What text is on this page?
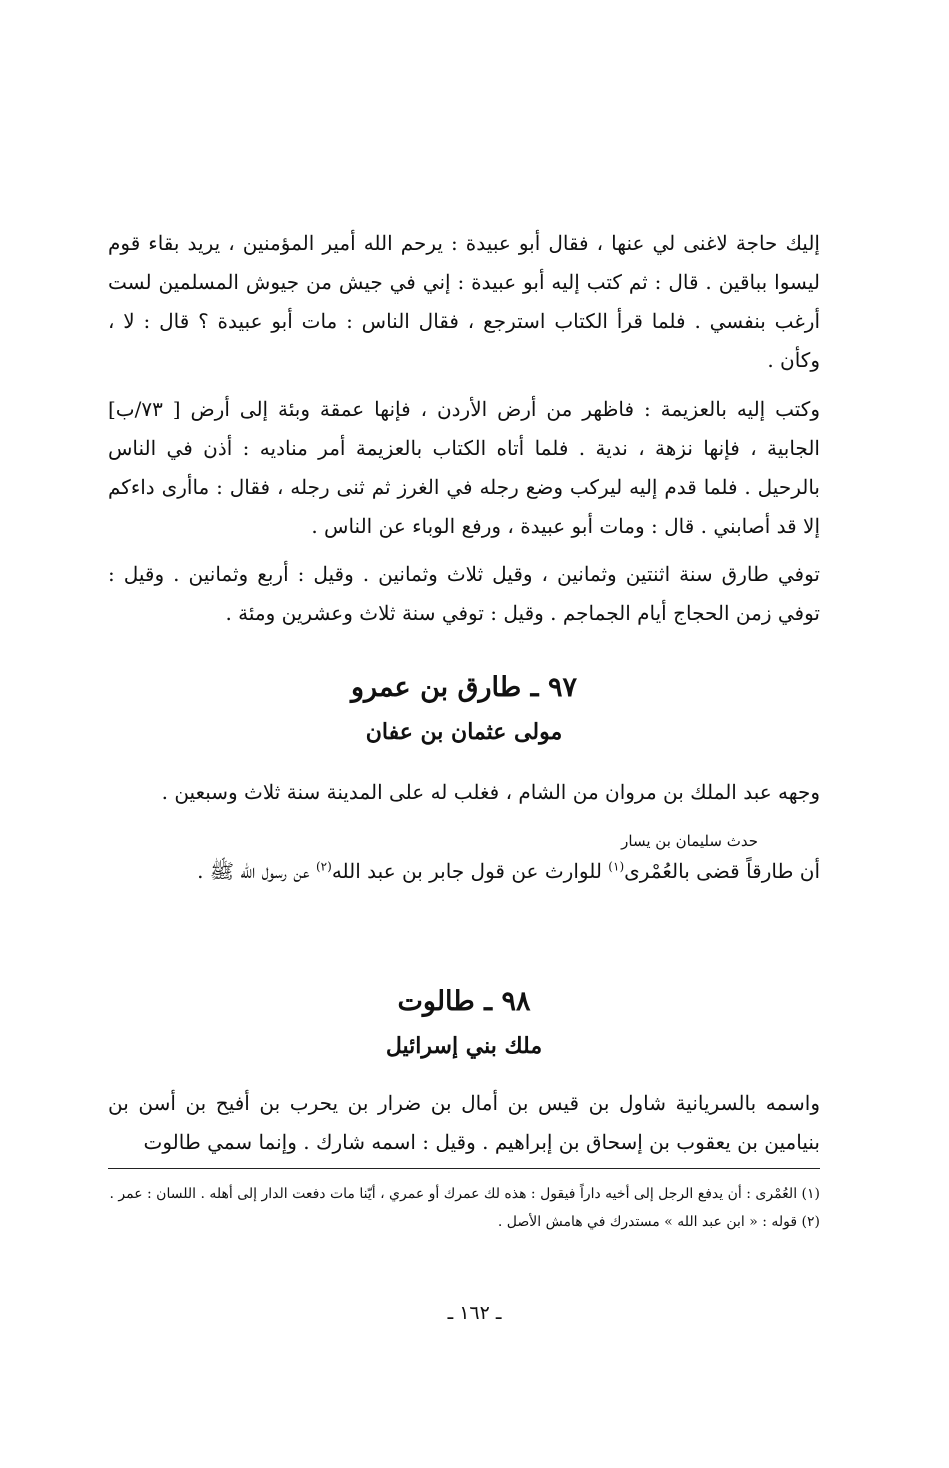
إليك حاجة لاغنى لي عنها ، فقال أبو عبيدة : يرحم الله أمير المؤمنين ، يريد بقاء قوم ليسوا بباقين . قال : ثم كتب إليه أبو عبيدة : إني في جيش من جيوش المسلمين لست أرغب بنفسي . فلما قرأ الكتاب استرجع ، فقال الناس : مات أبو عبيدة ؟ قال : لا ، وكأن .

وكتب إليه بالعزيمة : فاظهر من أرض الأردن ، فإنها عمقة وبئة إلى أرض [ ٧٣/ب] الجابية ، فإنها نزهة ، ندية . فلما أتاه الكتاب بالعزيمة أمر مناديه : أذن في الناس بالرحيل . فلما قدم إليه ليركب وضع رجله في الغرز ثم ثنى رجله ، فقال : ماأرى داءكم إلا قد أصابني . قال : ومات أبو عبيدة ، ورفع الوباء عن الناس .

توفي طارق سنة اثنتين وثمانين ، وقيل ثلاث وثمانين . وقيل : أربع وثمانين . وقيل : توفي زمن الحجاج أيام الجماجم . وقيل : توفي سنة ثلاث وعشرين ومئة .

٩٧ ـ طارق بن عمرو
مولى عثمان بن عفان

وجهه عبد الملك بن مروان من الشام ، فغلب له على المدينة سنة ثلاث وسبعين .

حدث سليمان بن يسار

أن طارقاً قضى بالعُمْرى$^{(١)}$ للوارث عن قول جابر بن عبد الله$^{(٢)}$ عن رسول الله ﷺ .

٩٨ ـ طالوت
ملك بني إسرائيل

واسمه بالسريانية شاول بن قيس بن أمال بن ضرار بن يحرب بن أفيح بن أسن بن بنيامين بن يعقوب بن إسحاق بن إبراهيم . وقيل : اسمه شارك . وإنما سمي طالوت

(١) العُمْرى : أن يدفع الرجل إلى أخيه داراً فيقول : هذه لك عمرك أو عمري ، أيّنا مات دفعت الدار إلى أهله . اللسان : عمر .

(٢) قوله : « ابن عبد الله » مستدرك في هامش الأصل .

ـ ١٦٢ ـ
